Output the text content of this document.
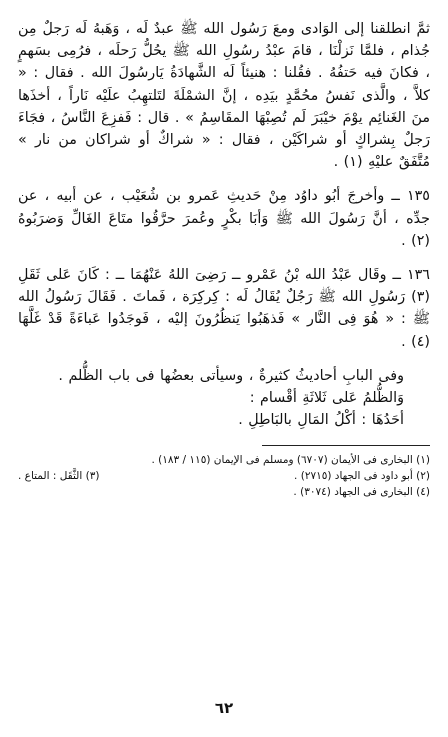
ثمَّ انطلقنا إلى الوَادى ومعَ رَسُول الله ﷺ عبدٌ لَه ، وَهَبهُ لَه رَجلٌ مِن جُذام ، فلمَّا نَزلْنَا ، قامَ عبْدُ رسُولِ الله ﷺ يحُلُّ رَحلَه ، فرُمِى بسَهمٍ ، فكانَ فيه حَتفُهُ . فقُلنا : هنيئاً لَه الشَّهادَةُ يَارسُولَ الله . فقال : « كلاَّ ، والَّذى نَفسُ محُمَّدٍ بيَدِه ، إنَّ الشمْلَةَ لتَلتهِبُ علَيْه نَاراً ، أخذَها منَ الغَنائِم يوْمَ خيْبَرَ لَم تُصِبْهَا المقَاسِمُ » . قال : فَفزِعَ النَّاسُ ، فجَاءَ رَجلٌ بِشراكٍ أو شراكَيْن ، فقال : « شراكٌ أو شراكان من نار » مُتَّفَقٌ عليْهِ (١) .

١٣٥ ــ وأخرجَ أبُو داوُد مِنْ حَديثِ عَمرو بن شُعَيْب ، عن أبيه ، عن جدِّه ، أنَّ رَسُولَ الله ﷺ وَأبَا بكْرٍ وعُمرَ حرَّقُوا متَاعَ الغَالِّ وَضرَبُوهُ (٢) .

١٣٦ ــ وقَال عَبْدُ الله بْنُ عَمْرو ــ رَضِىَ اللهُ عَنْهُمَا ــ : كَانَ عَلى ثَقَلِ (٣) رَسُولِ الله ﷺ رَجُلٌ يُقَالُ لَه : كِركِرَة ، فَماتَ . فَقَالَ رَسُولُ الله ﷺ : « هُوَ فِى النَّار » فَذهَبُوا يَنظُرُونَ إليْه ، فَوجَدُوا عَباءَةً قَدْ غَلَّهَا (٤) .

وفى البابِ أحاديثُ كثيرةٌ ، وسيأتى بعضُها فى باب الظُّلم .

وَالظُّلمُ عَلى ثَلاثَةِ أقْسام :

أحَدُهَا : أكْلُ المَالِ بالبَاطِلِ .

(١) البخارى فى الأيمان (٦٧٠٧) ومسلم فى الإيمان (١١٥ / ١٨٣) .
(٢) أبو داود فى الجهاد (٢٧١٥) .
(٣) الثَّقَل : المتاع .
(٤) البخارى فى الجهاد (٣٠٧٤) .
٦٢
